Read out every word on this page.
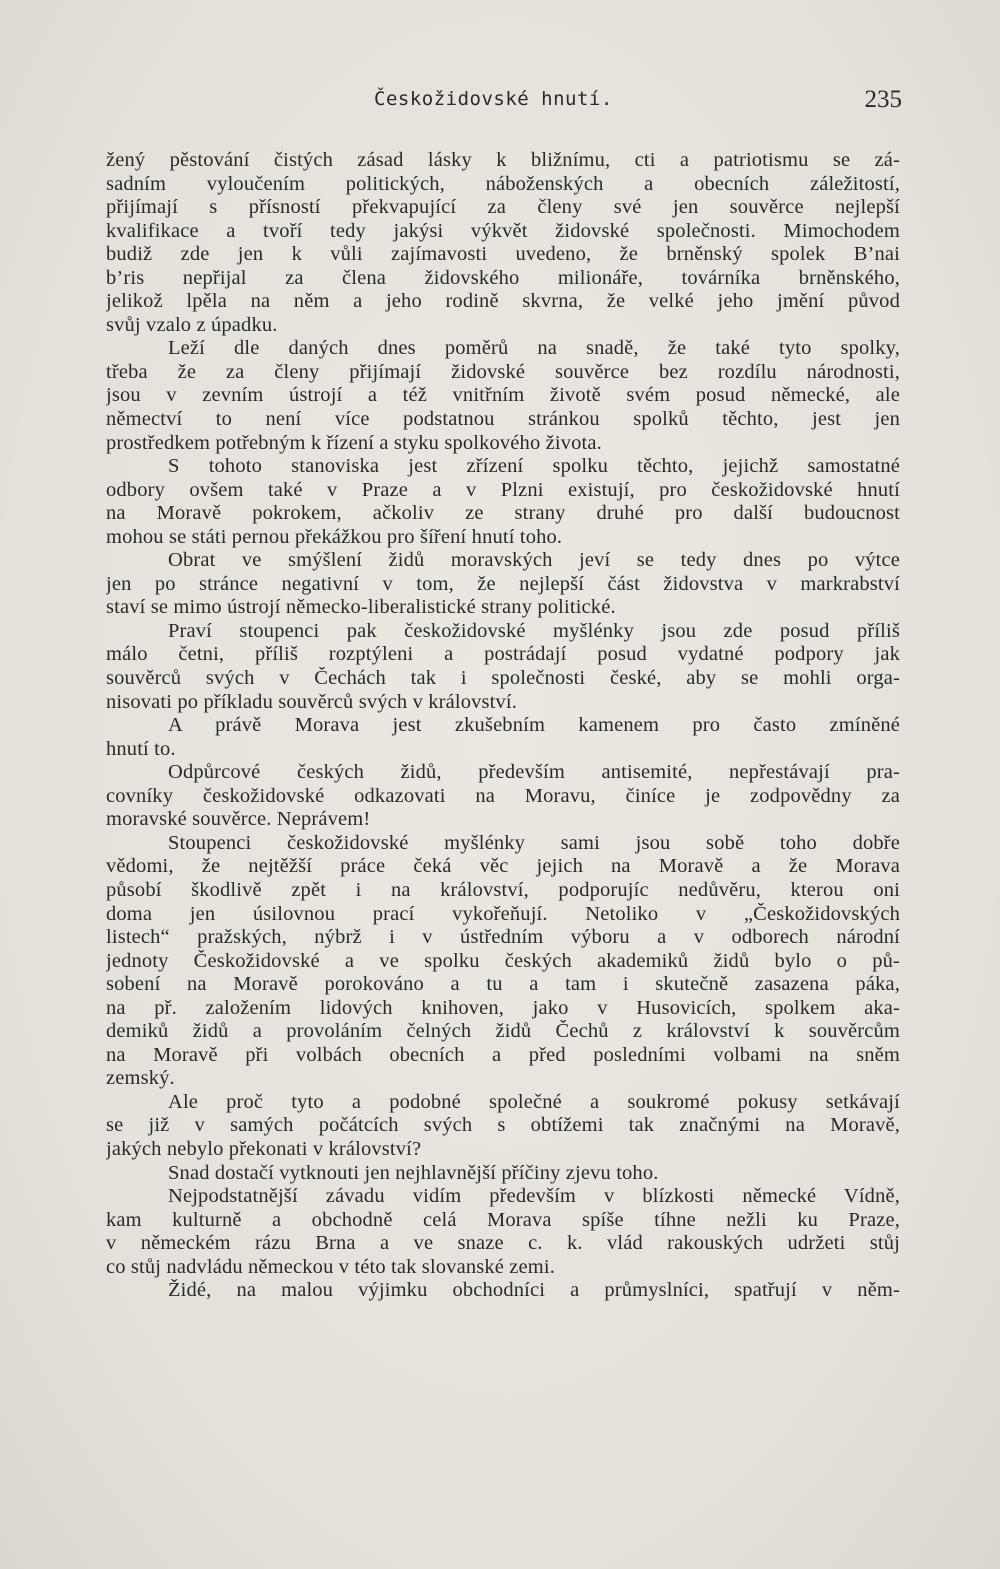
Českožidovské hnutí.	235
žený pěstování čistých zásad lásky k bližnímu, cti a patriotismu se zá-
sadním vyloučením politických, náboženských a obecních záležitostí,
přijímají s přísností překvapující za členy své jen souvěrce nejlepší
kvalifikace a tvoří tedy jakýsi výkvět židovské společnosti. Mimochodem
budiž zde jen k vůli zajímavosti uvedeno, že brněnský spolek B’nai
b’ris nepřijal za člena židovského milionáře, továrníka brněnského,
jelikož lpěla na něm a jeho rodině skvrna, že velké jeho jmění původ
svůj vzalo z úpadku.
Leží dle daných dnes poměrů na snadě, že také tyto spolky,
třeba že za členy přijímají židovské souvěrce bez rozdílu národnosti,
jsou v zevním ústrojí a též vnitřním životě svém posud německé, ale
němectví to není více podstatnou stránkou spolků těchto, jest jen
prostředkem potřebným k řízení a styku spolkového života.
S tohoto stanoviska jest zřízení spolku těchto, jejichž samostatné
odbory ovšem také v Praze a v Plzni existují, pro českožidovské hnutí
na Moravě pokrokem, ačkoliv ze strany druhé pro další budoucnost
mohou se státi pernou překážkou pro šíření hnutí toho.
Obrat ve smýšlení židů moravských jeví se tedy dnes po výtce
jen po stránce negativní v tom, že nejlepší část židovstva v markrabství
staví se mimo ústrojí německo-liberalistické strany politické.
Praví stoupenci pak českožidovské myšlénky jsou zde posud příliš
málo četni, příliš rozptýleni a postrádají posud vydatné podpory jak
souvěrců svých v Čechách tak i společnosti české, aby se mohli orga-
nisovati po příkladu souvěrců svých v království.
A právě Morava jest zkušebním kamenem pro často zmíněné
hnutí to.
Odpůrcové českých židů, především antisemité, nepřestávají pra-
covníky českožidovské odkazovati na Moravu, činíce je zodpovědny za
moravské souvěrce. Neprávem!
Stoupenci českožidovské myšlénky sami jsou sobě toho dobře
vědomi, že nejtěžší práce čeká věc jejich na Moravě a že Morava
působí škodlivě zpět i na království, podporujíc nedůvěru, kterou oni
doma jen úsilovnou prací vykořeňují. Netoliko v „Českožidovských
listech“ pražských, nýbrž i v ústředním výboru a v odborech národní
jednoty Českožidovské a ve spolku českých akademiků židů bylo o pů-
sobení na Moravě porokováno a tu a tam i skutečně zasazena páka,
na př. založením lidových knihoven, jako v Husovicích, spolkem aka-
demiků židů a provoláním čelných židů Čechů z království k souvěrcům
na Moravě při volbách obecních a před posledními volbami na sněm
zemský.
Ale proč tyto a podobné společné a soukromé pokusy setkávají
se již v samých počátcích svých s obtížemi tak značnými na Moravě,
jakých nebylo překonati v království?
Snad dostačí vytknouti jen nejhlavnější příčiny zjevu toho.
Nejpodstatnější závadu vidím především v blízkosti německé Vídně,
kam kulturně a obchodně celá Morava spíše tíhne nežli ku Praze,
v německém rázu Brna a ve snaze c. k. vlád rakouských udržeti stůj
co stůj nadvládu německou v této tak slovanské zemi.
Židé, na malou výjimku obchodníci a průmyslníci, spatřují v něm-
